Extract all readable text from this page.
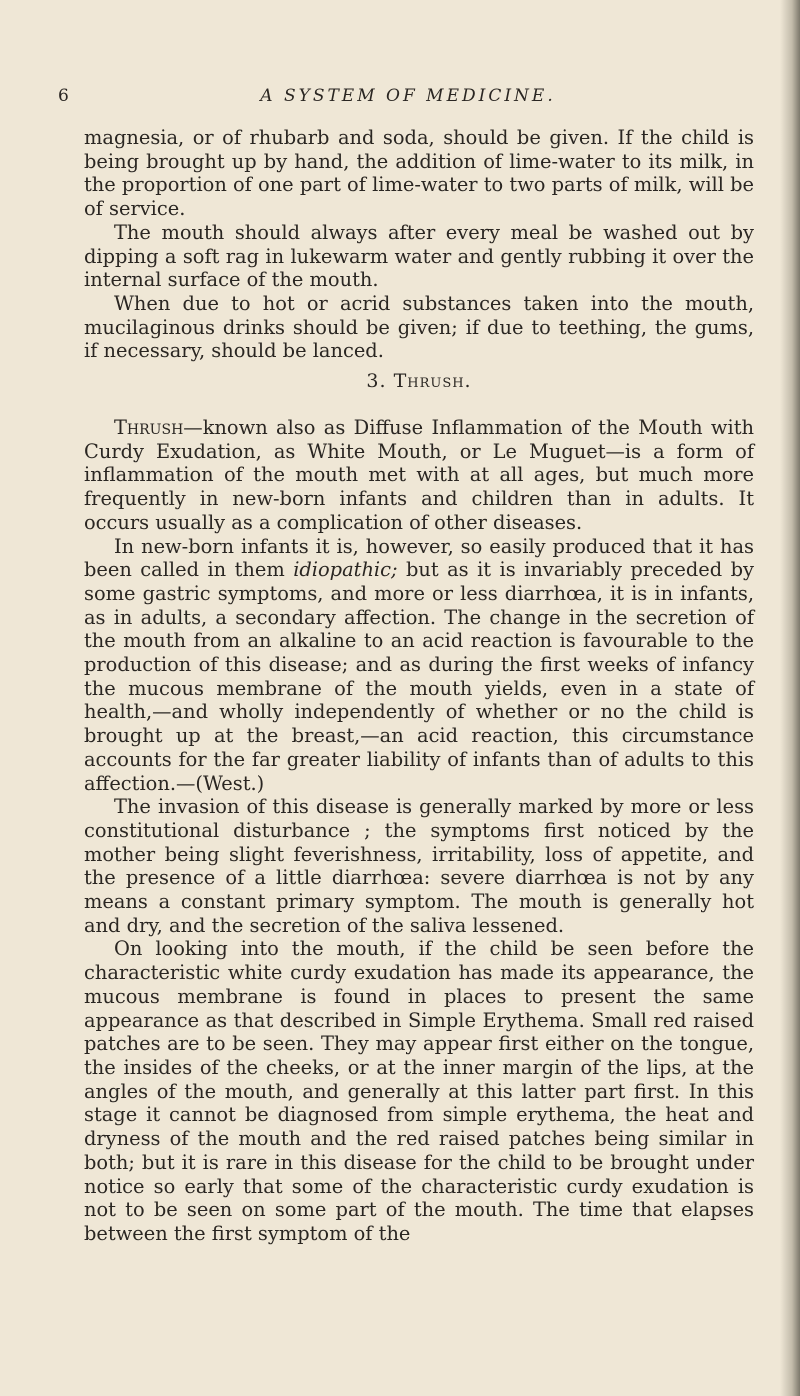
6	A SYSTEM OF MEDICINE.

magnesia, or of rhubarb and soda, should be given. If the child is being brought up by hand, the addition of lime-water to its milk, in the proportion of one part of lime-water to two parts of milk, will be of service.

The mouth should always after every meal be washed out by dipping a soft rag in lukewarm water and gently rubbing it over the internal surface of the mouth.

When due to hot or acrid substances taken into the mouth, mucilaginous drinks should be given; if due to teething, the gums, if necessary, should be lanced.

3. Thrush.

Thrush—known also as Diffuse Inflammation of the Mouth with Curdy Exudation, as White Mouth, or Le Muguet—is a form of inflammation of the mouth met with at all ages, but much more frequently in new-born infants and children than in adults. It occurs usually as a complication of other diseases.

In new-born infants it is, however, so easily produced that it has been called in them idiopathic; but as it is invariably preceded by some gastric symptoms, and more or less diarrhœa, it is in infants, as in adults, a secondary affection. The change in the secretion of the mouth from an alkaline to an acid reaction is favourable to the production of this disease; and as during the first weeks of infancy the mucous membrane of the mouth yields, even in a state of health,—and wholly independently of whether or no the child is brought up at the breast,—an acid reaction, this circumstance accounts for the far greater liability of infants than of adults to this affection.—(West.)

The invasion of this disease is generally marked by more or less constitutional disturbance ; the symptoms first noticed by the mother being slight feverishness, irritability, loss of appetite, and the presence of a little diarrhœa: severe diarrhœa is not by any means a constant primary symptom. The mouth is generally hot and dry, and the secretion of the saliva lessened.

On looking into the mouth, if the child be seen before the characteristic white curdy exudation has made its appearance, the mucous membrane is found in places to present the same appearance as that described in Simple Erythema. Small red raised patches are to be seen. They may appear first either on the tongue, the insides of the cheeks, or at the inner margin of the lips, at the angles of the mouth, and generally at this latter part first. In this stage it cannot be diagnosed from simple erythema, the heat and dryness of the mouth and the red raised patches being similar in both; but it is rare in this disease for the child to be brought under notice so early that some of the characteristic curdy exudation is not to be seen on some part of the mouth. The time that elapses between the first symptom of the
